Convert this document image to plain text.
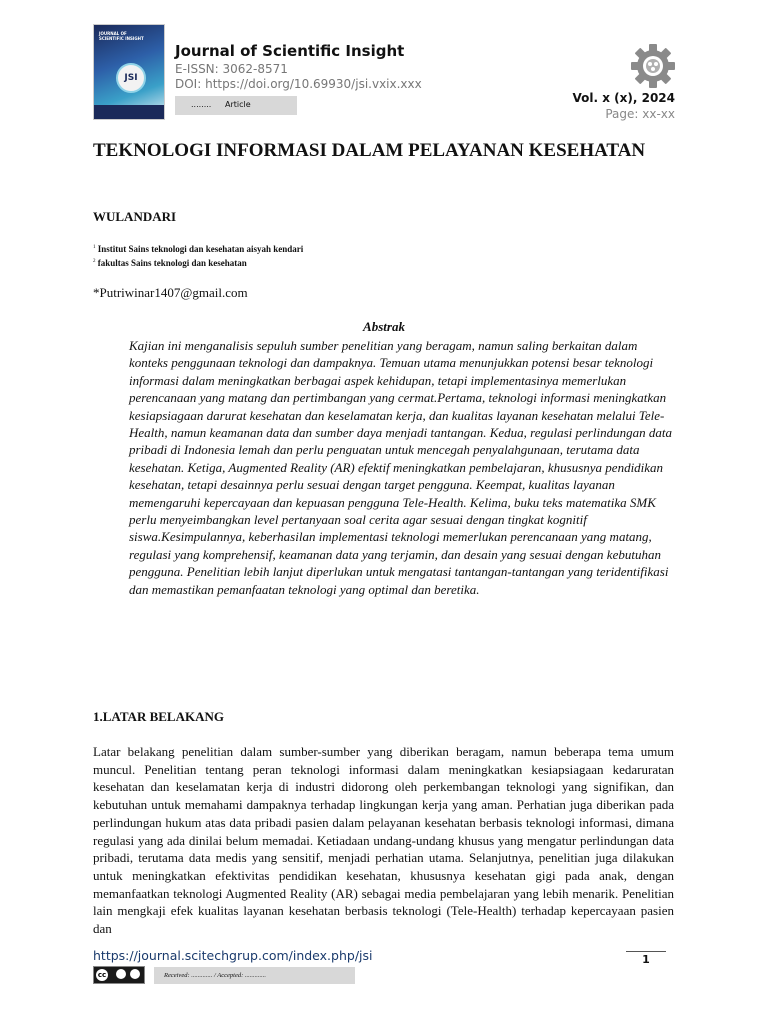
JOURNAL OF SCIENTIFIC INSIGHT
JSI
Journal of Scientific Insight
E-ISSN: 3062-8571
DOI: https://doi.org/10.69930/jsi.vxix.xxx
........ Article	Vol. x (x), 2024
Page: xx-xx
TEKNOLOGI INFORMASI DALAM PELAYANAN KESEHATAN
WULANDARI
$^1$ Institut Sains teknologi dan kesehatan aisyah kendari
$^2$ fakultas Sains teknologi dan kesehatan
*Putriwinar1407@gmail.com
Abstrak
Kajian ini menganalisis sepuluh sumber penelitian yang beragam, namun saling berkaitan dalam konteks penggunaan teknologi dan dampaknya. Temuan utama menunjukkan potensi besar teknologi informasi dalam meningkatkan berbagai aspek kehidupan, tetapi implementasinya memerlukan perencanaan yang matang dan pertimbangan yang cermat.Pertama, teknologi informasi meningkatkan kesiapsiagaan darurat kesehatan dan keselamatan kerja, dan kualitas layanan kesehatan melalui Tele-Health, namun keamanan data dan sumber daya menjadi tantangan. Kedua, regulasi perlindungan data pribadi di Indonesia lemah dan perlu penguatan untuk mencegah penyalahgunaan, terutama data kesehatan. Ketiga, Augmented Reality (AR) efektif meningkatkan pembelajaran, khususnya pendidikan kesehatan, tetapi desainnya perlu sesuai dengan target pengguna. Keempat, kualitas layanan memengaruhi kepercayaan dan kepuasan pengguna Tele-Health. Kelima, buku teks matematika SMK perlu menyeimbangkan level pertanyaan soal cerita agar sesuai dengan tingkat kognitif siswa.Kesimpulannya, keberhasilan implementasi teknologi memerlukan perencanaan yang matang, regulasi yang komprehensif, keamanan data yang terjamin, dan desain yang sesuai dengan kebutuhan pengguna. Penelitian lebih lanjut diperlukan untuk mengatasi tantangan-tantangan yang teridentifikasi dan memastikan pemanfaatan teknologi yang optimal dan beretika.
1.LATAR BELAKANG
Latar belakang penelitian dalam sumber-sumber yang diberikan beragam, namun beberapa tema umum muncul. Penelitian tentang peran teknologi informasi dalam meningkatkan kesiapsiagaan kedaruratan kesehatan dan keselamatan kerja di industri didorong oleh perkembangan teknologi yang signifikan, dan kebutuhan untuk memahami dampaknya terhadap lingkungan kerja yang aman. Perhatian juga diberikan pada perlindungan hukum atas data pribadi pasien dalam pelayanan kesehatan berbasis teknologi informasi, dimana regulasi yang ada dinilai belum memadai. Ketiadaan undang-undang khusus yang mengatur perlindungan data pribadi, terutama data medis yang sensitif, menjadi perhatian utama. Selanjutnya, penelitian juga dilakukan untuk meningkatkan efektivitas pendidikan kesehatan, khususnya kesehatan gigi pada anak, dengan memanfaatkan teknologi Augmented Reality (AR) sebagai media pembelajaran yang lebih menarik. Penelitian lain mengkaji efek kualitas layanan kesehatan berbasis teknologi (Tele-Health) terhadap kepercayaan pasien dan
https://journal.scitechgrup.com/index.php/jsi	1
cc	Received: ............. / Accepted: .............
